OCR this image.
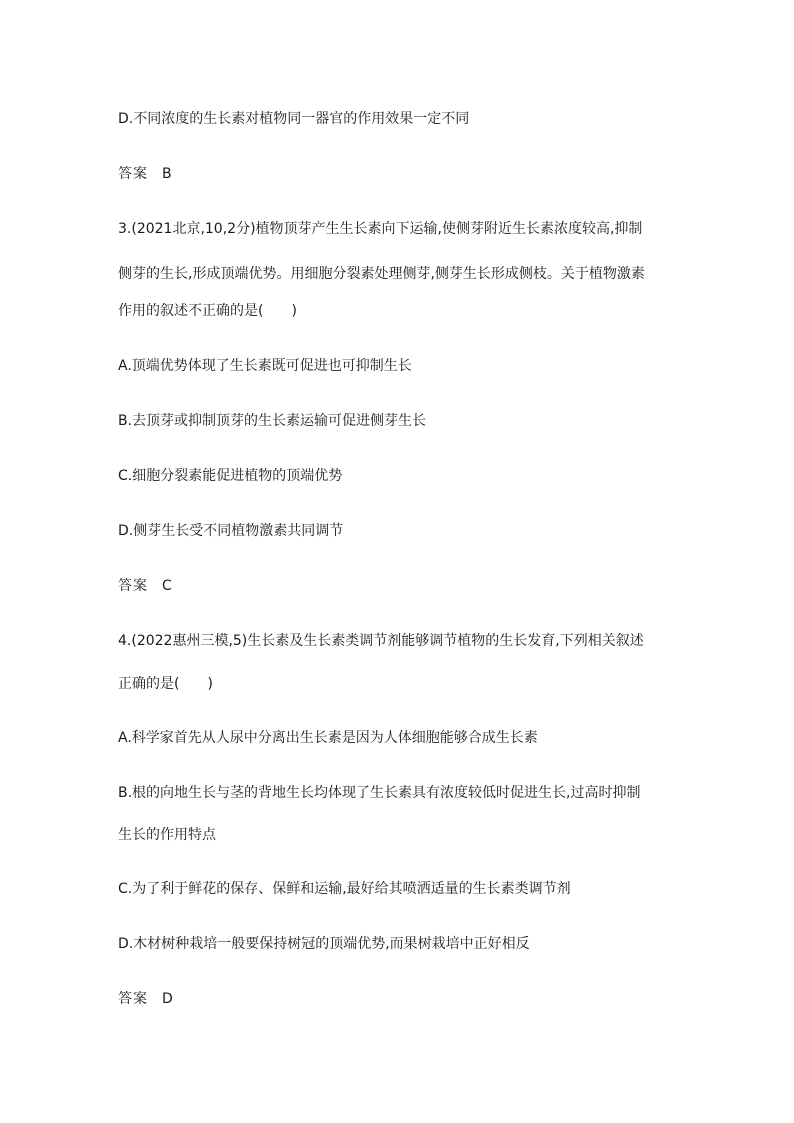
D.不同浓度的生长素对植物同一器官的作用效果一定不同
答案 B
3.(2021北京,10,2分)植物顶芽产生生长素向下运输,使侧芽附近生长素浓度较高,抑制
侧芽的生长,形成顶端优势。用细胞分裂素处理侧芽,侧芽生长形成侧枝。关于植物激素
作用的叙述不正确的是(　　)
A.顶端优势体现了生长素既可促进也可抑制生长
B.去顶芽或抑制顶芽的生长素运输可促进侧芽生长
C.细胞分裂素能促进植物的顶端优势
D.侧芽生长受不同植物激素共同调节
答案 C
4.(2022惠州三模,5)生长素及生长素类调节剂能够调节植物的生长发育,下列相关叙述
正确的是(　　)
A.科学家首先从人尿中分离出生长素是因为人体细胞能够合成生长素
B.根的向地生长与茎的背地生长均体现了生长素具有浓度较低时促进生长,过高时抑制
生长的作用特点
C.为了利于鲜花的保存、保鲜和运输,最好给其喷洒适量的生长素类调节剂
D.木材树种栽培一般要保持树冠的顶端优势,而果树栽培中正好相反
答案 D
